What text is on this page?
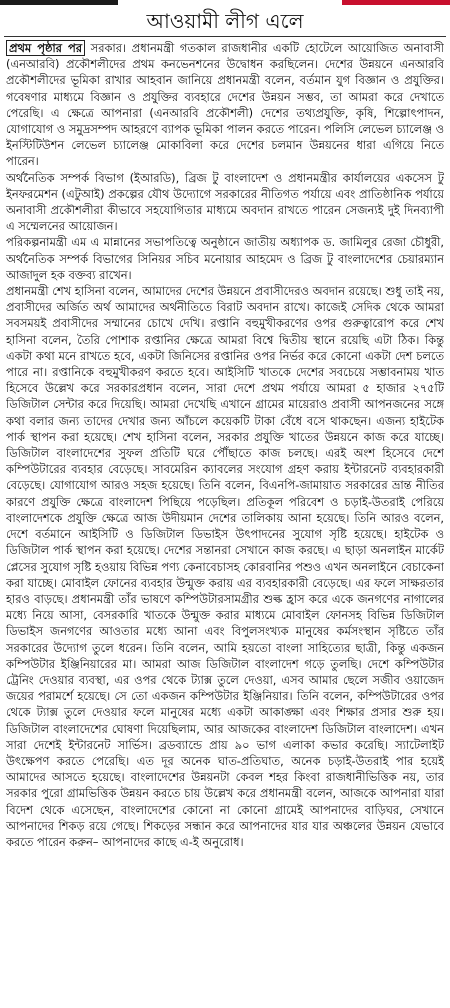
আওয়ামী লীগ এলে

প্রথম পৃষ্ঠার পর সরকার। প্রধানমন্ত্রী গতকাল রাজধানীর একটি হোটেলে আয়োজিত অনাবাসী (এনআরবি) প্রকৌশলীদের প্রথম কনভেনশনের উদ্বোধন করছিলেন। দেশের উন্নয়নে এনআরবি প্রকৌশলীদের ভূমিকা রাখার আহবান জানিয়ে প্রধানমন্ত্রী বলেন, বর্তমান যুগ বিজ্ঞান ও প্রযুক্তির। গবেষণার মাধ্যমে বিজ্ঞান ও প্রযুক্তির ব্যবহারে দেশের উন্নয়ন সম্ভব, তা আমরা করে দেখাতে পেরেছি। এ ক্ষেত্রে আপনারা (এনআরবি প্রকৌশলী) দেশের তথ্যপ্রযুক্তি, কৃষি, শিল্পোৎপাদন, যোগাযোগ ও সমুদ্রসম্পদ আহরণে ব্যাপক ভূমিকা পালন করতে পারেন। পলিসি লেভেল চ্যালেঞ্জ ও ইনস্টিটিউশন লেভেল চ্যালেঞ্জ মোকাবিলা করে দেশের চলমান উন্নয়নের ধারা এগিয়ে নিতে পারেন।

অর্থনৈতিক সম্পর্ক বিভাগ (ইআরডি), ব্রিজ টু বাংলাদেশ ও প্রধানমন্ত্রীর কার্যালয়ের একসেস টু ইনফরমেশন (এটুআই) প্রকল্পের যৌথ উদ্যোগে সরকারের নীতিগত পর্যায়ে এবং প্রাতিষ্ঠানিক পর্যায়ে অনাবাসী প্রকৌশলীরা কীভাবে সহযোগিতার মাধ্যমে অবদান রাখতে পারেন সেজন্যই দুই দিনব্যাপী এ সম্মেলনের আয়োজন।

পরিকল্পনামন্ত্রী এম এ মান্নানের সভাপতিত্বে অনুষ্ঠানে জাতীয় অধ্যাপক ড. জামিলুর রেজা চৌধুরী, অর্থনৈতিক সম্পর্ক বিভাগের সিনিয়র সচিব মনোয়ার আহমেদ ও ব্রিজ টু বাংলাদেশের চেয়ারম্যান আজাদুল হক বক্তব্য রাখেন।

প্রধানমন্ত্রী শেখ হাসিনা বলেন, আমাদের দেশের উন্নয়নে প্রবাসীদেরও অবদান রয়েছে। শুধু তাই নয়, প্রবাসীদের অর্জিত অর্থ আমাদের অর্থনীতিতে বিরাট অবদান রাখে। কাজেই সেদিক থেকে আমরা সবসময়ই প্রবাসীদের সম্মানের চোখে দেখি। রপ্তানি বহুমুখীকরণের ওপর গুরুত্বারোপ করে শেখ হাসিনা বলেন, তৈরি পোশাক রপ্তানির ক্ষেত্রে আমরা বিশ্বে দ্বিতীয় স্থানে রয়েছি এটা ঠিক। কিন্তু একটা কথা মনে রাখতে হবে, একটা জিনিসের রপ্তানির ওপর নির্ভর করে কোনো একটা দেশ চলতে পারে না। রপ্তানিকে বহুমুখীকরণ করতে হবে। আইসিটি খাতকে দেশের সবচেয়ে সম্ভাবনাময় খাত হিসেবে উল্লেখ করে সরকারপ্রধান বলেন, সারা দেশে প্রথম পর্যায়ে আমরা ৫ হাজার ২৭৫টি ডিজিটাল সেন্টার করে দিয়েছি। আমরা দেখেছি এখানে গ্রামের মায়েরাও প্রবাসী আপনজনের সঙ্গে কথা বলার জন্য তাদের দেখার জন্য আঁচলে কয়েকটি টাকা বেঁধে বসে থাকছেন। এজন্য হাইটেক পার্ক স্থাপন করা হয়েছে। শেখ হাসিনা বলেন, সরকার প্রযুক্তি খাতের উন্নয়নে কাজ করে যাচ্ছে। ডিজিটাল বাংলাদেশের সুফল প্রতিটি ঘরে পৌঁছাতে কাজ চলছে। এরই অংশ হিসেবে দেশে কম্পিউটারের ব্যবহার বেড়েছে। সাবমেরিন ক্যাবলের সংযোগ গ্রহণ করায় ইন্টারনেট ব্যবহারকারী বেড়েছে। যোগাযোগ আরও সহজ হয়েছে। তিনি বলেন, বিএনপি-জামায়াত সরকারের ভ্রান্ত নীতির কারণে প্রযুক্তি ক্ষেত্রে বাংলাদেশ পিছিয়ে পড়েছিল। প্রতিকূল পরিবেশ ও চড়াই-উতরাই পেরিয়ে বাংলাদেশকে প্রযুক্তি ক্ষেত্রে আজ উদীয়মান দেশের তালিকায় আনা হয়েছে। তিনি আরও বলেন, দেশে বর্তমানে আইসিটি ও ডিজিটাল ডিভাইস উৎপাদনের সুযোগ সৃষ্টি হয়েছে। হাইটেক ও ডিজিটাল পার্ক স্থাপন করা হয়েছে। দেশের সন্তানরা সেখানে কাজ করছে। এ ছাড়া অনলাইন মার্কেট প্লেসের সুযোগ সৃষ্টি হওয়ায় বিভিন্ন পণ্য কেনাবেচাসহ কোরবানির পশুও এখন অনলাইনে বেচাকেনা করা যাচ্ছে। মোবাইল ফোনের ব্যবহার উন্মুক্ত করায় এর ব্যবহারকারী বেড়েছে। এর ফলে সাক্ষরতার হারও বাড়ছে। প্রধানমন্ত্রী তাঁর ভাষণে কম্পিউটারসামগ্রীর শুল্ক হ্রাস করে একে জনগণের নাগালের মধ্যে নিয়ে আসা, বেসরকারি খাতকে উন্মুক্ত করার মাধ্যমে মোবাইল ফোনসহ বিভিন্ন ডিজিটাল ডিভাইস জনগণের আওতার মধ্যে আনা এবং বিপুলসংখ্যক মানুষের কর্মসংস্থান সৃষ্টিতে তাঁর সরকারের উদ্যোগ তুলে ধরেন। তিনি বলেন, আমি হয়তো বাংলা সাহিত্যের ছাত্রী, কিন্তু একজন কম্পিউটার ইঞ্জিনিয়ারের মা। আমরা আজ ডিজিটাল বাংলাদেশ গড়ে তুলছি। দেশে কম্পিউটার ট্রেনিং দেওয়ার ব্যবস্থা, এর ওপর থেকে ট্যাক্স তুলে দেওয়া, এসব আমার ছেলে সজীব ওয়াজেদ জয়ের পরামর্শে হয়েছে। সে তো একজন কম্পিউটার ইঞ্জিনিয়ার। তিনি বলেন, কম্পিউটারের ওপর থেকে ট্যাক্স তুলে দেওয়ার ফলে মানুষের মধ্যে একটা আকাঙ্ক্ষা এবং শিক্ষার প্রসার শুরু হয়। ডিজিটাল বাংলাদেশের ঘোষণা দিয়েছিলাম, আর আজকের বাংলাদেশ ডিজিটাল বাংলাদেশ। এখন সারা দেশেই ইন্টারনেট সার্ভিস। ব্রডব্যান্ডে প্রায় ৯০ ভাগ এলাকা কভার করেছি। স্যাটেলাইট উৎক্ষেপণ করতে পেরেছি। এত দূর অনেক ঘাত-প্রতিঘাত, অনেক চড়াই-উতরাই পার হয়েই আমাদের আসতে হয়েছে। বাংলাদেশের উন্নয়নটা কেবল শহর কিংবা রাজধানীভিত্তিক নয়, তার সরকার পুরো গ্রামভিত্তিক উন্নয়ন করতে চায় উল্লেখ করে প্রধানমন্ত্রী বলেন, আজকে আপনারা যারা বিদেশ থেকে এসেছেন, বাংলাদেশের কোনো না কোনো গ্রামেই আপনাদের বাড়িঘর, সেখানে আপনাদের শিকড় রয়ে গেছে। শিকড়ের সন্ধান করে আপনাদের যার যার অঞ্চলের উন্নয়ন যেভাবে করতে পারেন করুন– আপনাদের কাছে এ-ই অনুরোধ।
